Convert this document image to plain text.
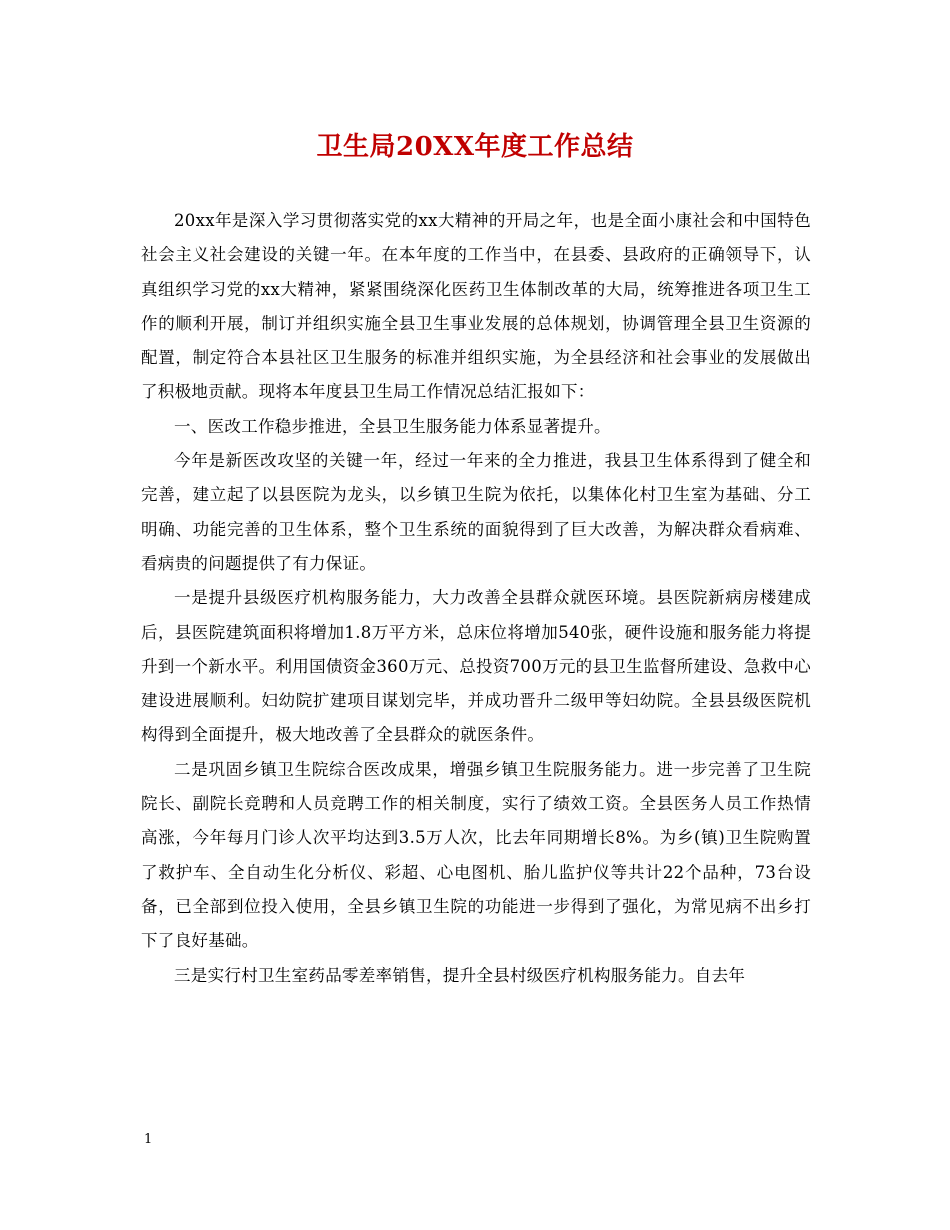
卫生局20XX年度工作总结

20xx年是深入学习贯彻落实党的xx大精神的开局之年，也是全面小康社会和中国特色社会主义社会建设的关键一年。在本年度的工作当中，在县委、县政府的正确领导下，认真组织学习党的xx大精神，紧紧围绕深化医药卫生体制改革的大局，统筹推进各项卫生工作的顺利开展，制订并组织实施全县卫生事业发展的总体规划，协调管理全县卫生资源的配置，制定符合本县社区卫生服务的标准并组织实施，为全县经济和社会事业的发展做出了积极地贡献。现将本年度县卫生局工作情况总结汇报如下：

一、医改工作稳步推进，全县卫生服务能力体系显著提升。

今年是新医改攻坚的关键一年，经过一年来的全力推进，我县卫生体系得到了健全和完善，建立起了以县医院为龙头，以乡镇卫生院为依托，以集体化村卫生室为基础、分工明确、功能完善的卫生体系，整个卫生系统的面貌得到了巨大改善，为解决群众看病难、看病贵的问题提供了有力保证。

一是提升县级医疗机构服务能力，大力改善全县群众就医环境。县医院新病房楼建成后，县医院建筑面积将增加1.8万平方米，总床位将增加540张，硬件设施和服务能力将提升到一个新水平。利用国债资金360万元、总投资700万元的县卫生监督所建设、急救中心建设进展顺利。妇幼院扩建项目谋划完毕，并成功晋升二级甲等妇幼院。全县县级医院机构得到全面提升，极大地改善了全县群众的就医条件。

二是巩固乡镇卫生院综合医改成果，增强乡镇卫生院服务能力。进一步完善了卫生院院长、副院长竞聘和人员竞聘工作的相关制度，实行了绩效工资。全县医务人员工作热情高涨，今年每月门诊人次平均达到3.5万人次，比去年同期增长8%。为乡(镇)卫生院购置了救护车、全自动生化分析仪、彩超、心电图机、胎儿监护仪等共计22个品种，73台设备，已全部到位投入使用，全县乡镇卫生院的功能进一步得到了强化，为常见病不出乡打下了良好基础。

三是实行村卫生室药品零差率销售，提升全县村级医疗机构服务能力。自去年

1
